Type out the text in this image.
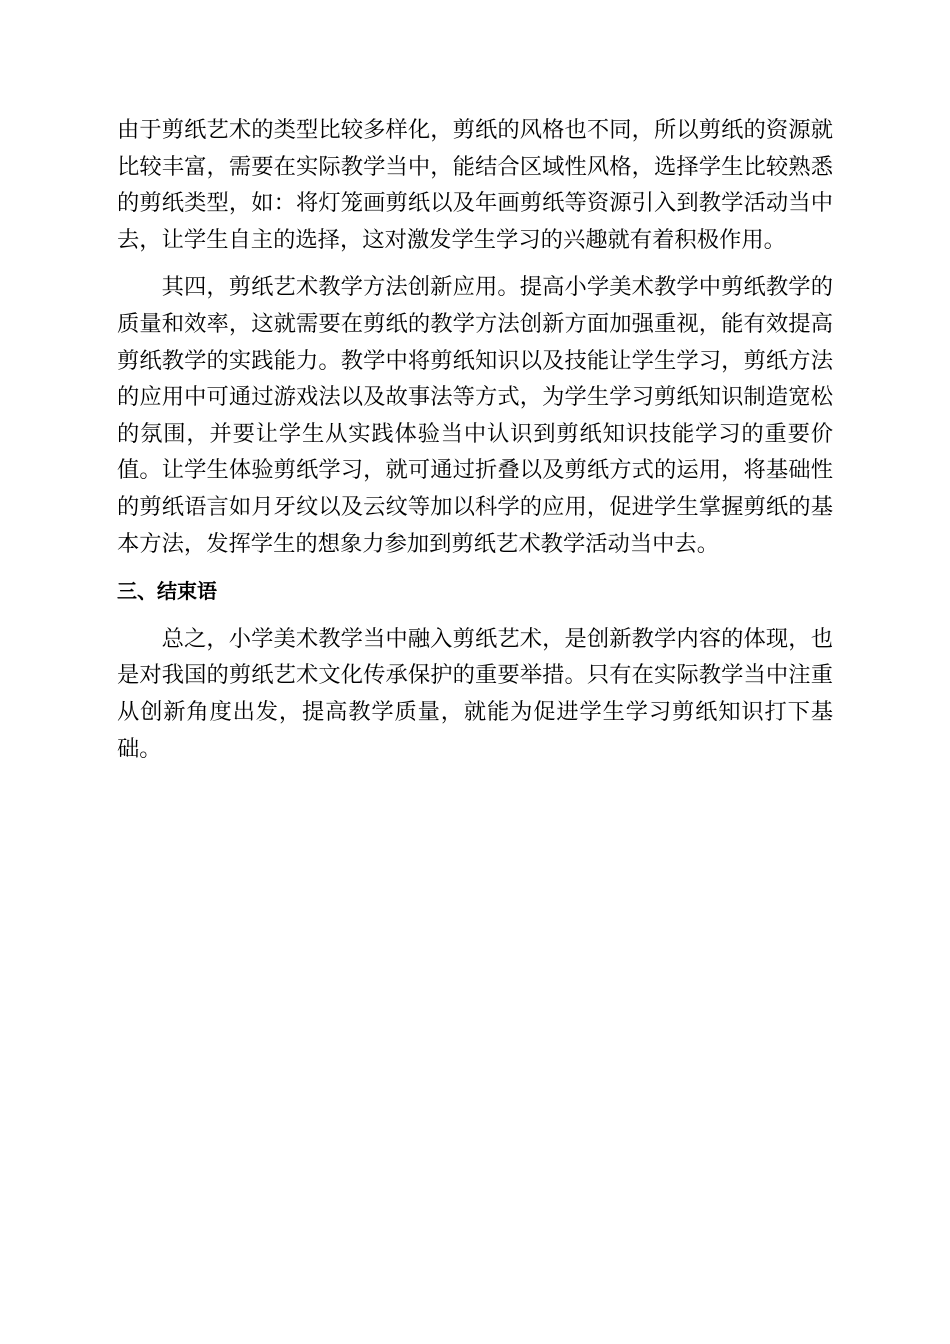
由于剪纸艺术的类型比较多样化，剪纸的风格也不同，所以剪纸的资源就比较丰富，需要在实际教学当中，能结合区域性风格，选择学生比较熟悉的剪纸类型，如：将灯笼画剪纸以及年画剪纸等资源引入到教学活动当中去，让学生自主的选择，这对激发学生学习的兴趣就有着积极作用。

其四，剪纸艺术教学方法创新应用。提高小学美术教学中剪纸教学的质量和效率，这就需要在剪纸的教学方法创新方面加强重视，能有效提高剪纸教学的实践能力。教学中将剪纸知识以及技能让学生学习，剪纸方法的应用中可通过游戏法以及故事法等方式，为学生学习剪纸知识制造宽松的氛围，并要让学生从实践体验当中认识到剪纸知识技能学习的重要价值。让学生体验剪纸学习，就可通过折叠以及剪纸方式的运用，将基础性的剪纸语言如月牙纹以及云纹等加以科学的应用，促进学生掌握剪纸的基本方法，发挥学生的想象力参加到剪纸艺术教学活动当中去。

三、结束语

总之，小学美术教学当中融入剪纸艺术，是创新教学内容的体现，也是对我国的剪纸艺术文化传承保护的重要举措。只有在实际教学当中注重从创新角度出发，提高教学质量，就能为促进学生学习剪纸知识打下基础。
